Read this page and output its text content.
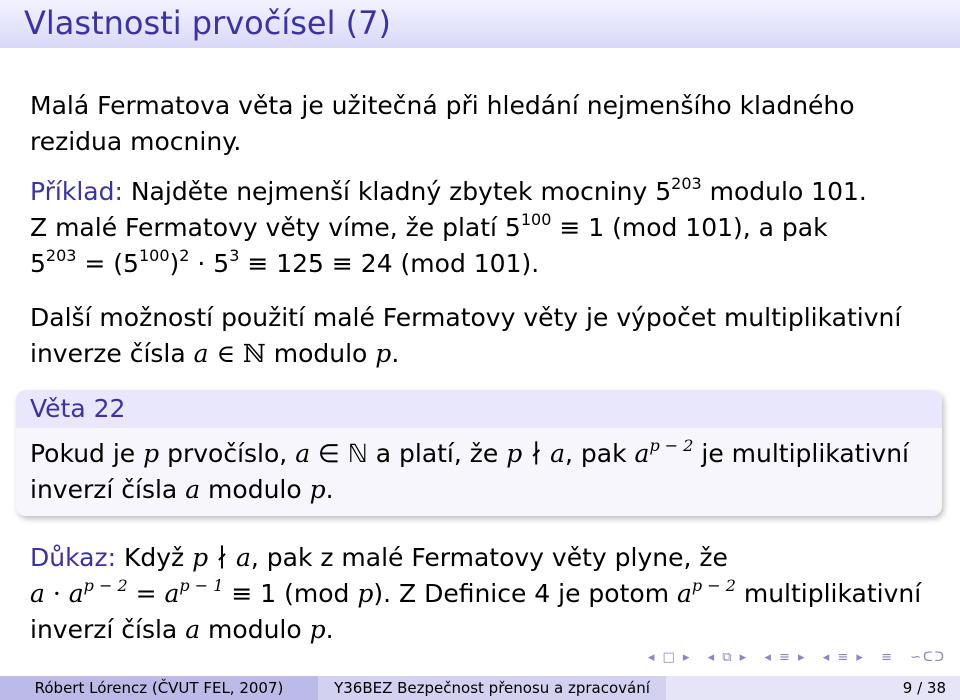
Vlastnosti prvočísel (7)
Malá Fermatova věta je užitečná při hledání nejmenšího kladného
rezidua mocniny.
Příklad: Najděte nejmenší kladný zbytek mocniny $5^{203}$ modulo 101.
Z malé Fermatovy věty víme, že platí $5^{100} \equiv 1$ (mod 101), a pak
$5^{203} = (5^{100})^2 \cdot 5^3 \equiv 125 \equiv 24$ (mod 101).
Další možností použití malé Fermatovy věty je výpočet multiplikativní
inverze čísla a ∈ ℕ modulo p.
Věta 22
Pokud je p prvočíslo, a ∈ ℕ a platí, že p ∤ a, pak $a^{p - 2}$ je multiplikativní
inverzí čísla a modulo p.
Důkaz: Když p ∤ a, pak z malé Fermatovy věty plyne, že
$a \cdot a^{p - 2} = a^{p - 1} \equiv 1$ (mod p). Z Definice 4 je potom $a^{p - 2}$ multiplikativní
inverzí čísla a modulo p.
◂ □ ▸ ◂ ⧉ ▸ ◂ ≡ ▸ ◂ ≡ ▸ ≡ ∽ᑕᑐ
Róbert Lórencz (ČVUT FEL, 2007)	Y36BEZ Bezpečnost přenosu a zpracování	9 / 38
